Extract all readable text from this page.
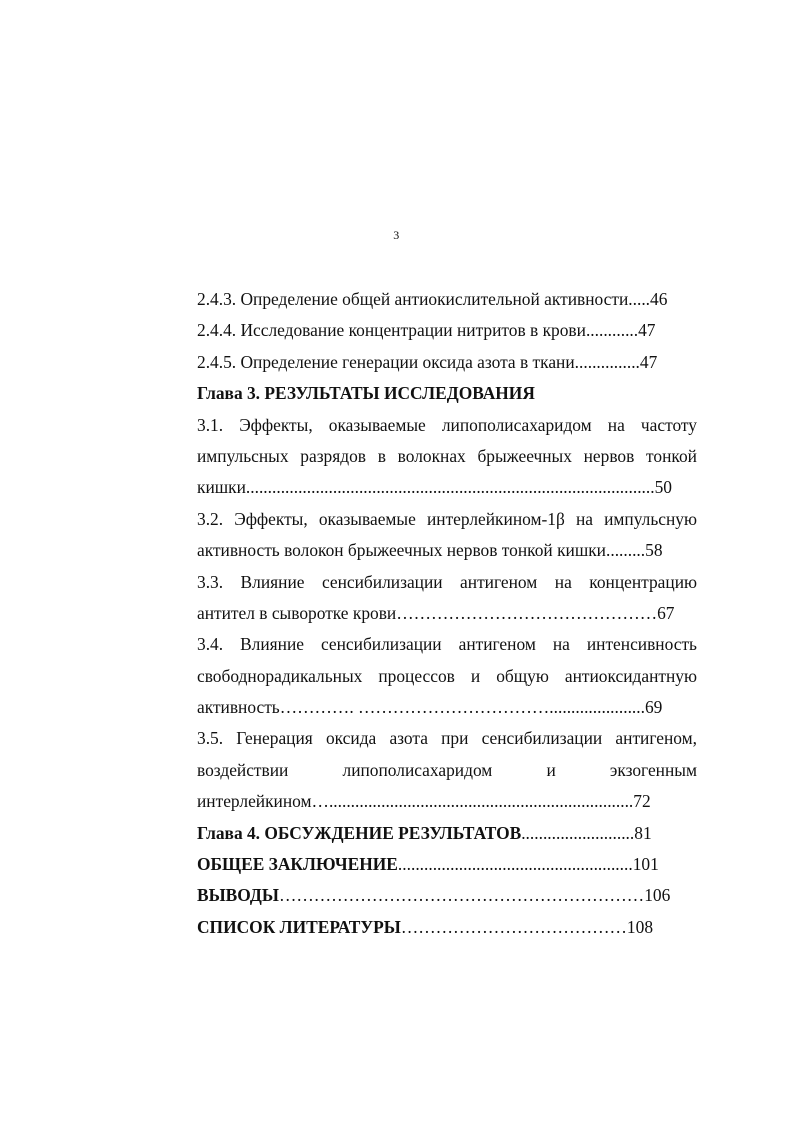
3
2.4.3. Определение общей антиокислительной активности ..... 46
2.4.4. Исследование концентрации нитритов в крови ............ 47
2.4.5. Определение генерации оксида азота в ткани ............... 47
Глава 3. РЕЗУЛЬТАТЫ ИССЛЕДОВАНИЯ
3.1. Эффекты, оказываемые липополисахаридом на частоту
импульсных разрядов в волокнах брыжеечных нервов тонкой
кишки .............................................................................................. 50
3.2. Эффекты, оказываемые интерлейкином-1β на импульсную
активность волокон брыжеечных нервов тонкой кишки ......... 58
3.3. Влияние сенсибилизации антигеном на концентрацию
антител в сыворотке крови ……………………………………… 67
3.4. Влияние сенсибилизации антигеном на интенсивность
свободнорадикальных процессов и общую антиоксидантную
активность …………. ……………………………...................... 69
3.5. Генерация оксида азота при сенсибилизации антигеном,
воздействии липополисахаридом и экзогенным
интерлейкином …...................................................................... 72
Глава 4. ОБСУЖДЕНИЕ РЕЗУЛЬТАТОВ .......................... 81
ОБЩЕЕ ЗАКЛЮЧЕНИЕ ...................................................... 101
ВЫВОДЫ ……………………………………………………… 106
СПИСОК ЛИТЕРАТУРЫ ………………………………… 108
